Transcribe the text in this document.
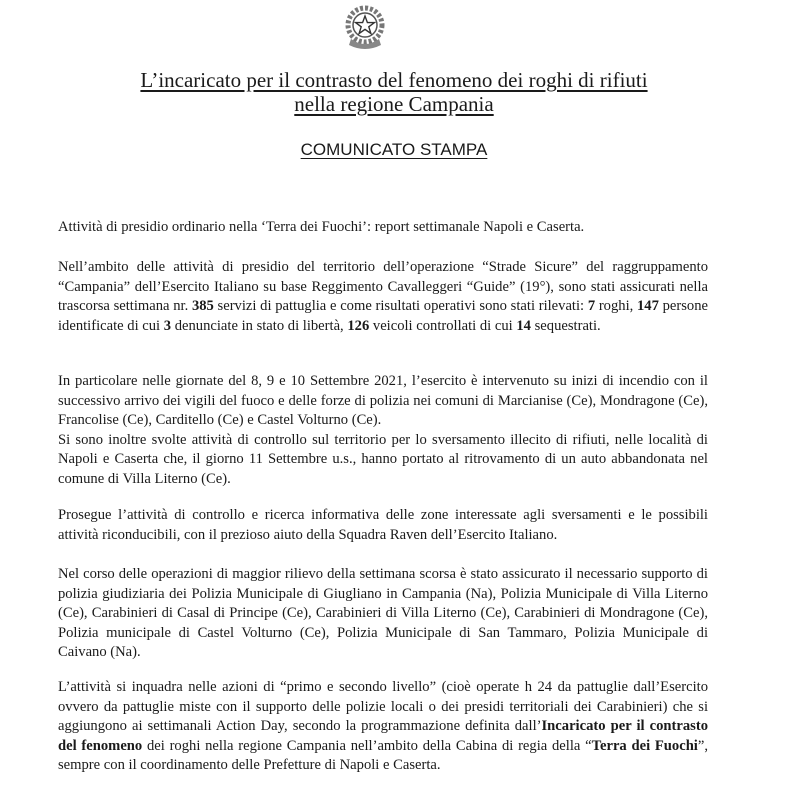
L’incaricato per il contrasto del fenomeno dei roghi di rifiuti
nella regione Campania
COMUNICATO STAMPA

Attività di presidio ordinario nella ‘Terra dei Fuochi’: report settimanale Napoli e Caserta.

Nell’ambito delle attività di presidio del territorio dell’operazione “Strade Sicure” del raggruppamento “Campania” dell’Esercito Italiano su base Reggimento Cavalleggeri “Guide” (19°), sono stati assicurati nella trascorsa settimana nr. 385 servizi di pattuglia e come risultati operativi sono stati rilevati: 7 roghi, 147 persone identificate di cui 3 denunciate in stato di libertà, 126 veicoli controllati di cui 14 sequestrati.

In particolare nelle giornate del 8, 9 e 10 Settembre 2021, l’esercito è intervenuto su inizi di incendio con il successivo arrivo dei vigili del fuoco e delle forze di polizia nei comuni di Marcianise (Ce), Mondragone (Ce), Francolise (Ce), Carditello (Ce) e Castel Volturno (Ce).

Si sono inoltre svolte attività di controllo sul territorio per lo sversamento illecito di rifiuti, nelle località di Napoli e Caserta che, il giorno 11 Settembre u.s., hanno portato al ritrovamento di un auto abbandonata nel comune di Villa Literno (Ce).

Prosegue l’attività di controllo e ricerca informativa delle zone interessate agli sversamenti e le possibili attività riconducibili, con il prezioso aiuto della Squadra Raven dell’Esercito Italiano.

Nel corso delle operazioni di maggior rilievo della settimana scorsa è stato assicurato il necessario supporto di polizia giudiziaria dei Polizia Municipale di Giugliano in Campania (Na), Polizia Municipale di Villa Literno (Ce), Carabinieri di Casal di Principe (Ce), Carabinieri di Villa Literno (Ce), Carabinieri di Mondragone (Ce), Polizia municipale di Castel Volturno (Ce), Polizia Municipale di San Tammaro, Polizia Municipale di Caivano (Na).

L’attività si inquadra nelle azioni di “primo e secondo livello” (cioè operate h 24 da pattuglie dall’Esercito ovvero da pattuglie miste con il supporto delle polizie locali o dei presidi territoriali dei Carabinieri) che si aggiungono ai settimanali Action Day, secondo la programmazione definita dall’Incaricato per il contrasto del fenomeno dei roghi nella regione Campania nell’ambito della Cabina di regia della “Terra dei Fuochi”, sempre con il coordinamento delle Prefetture di Napoli e Caserta.
